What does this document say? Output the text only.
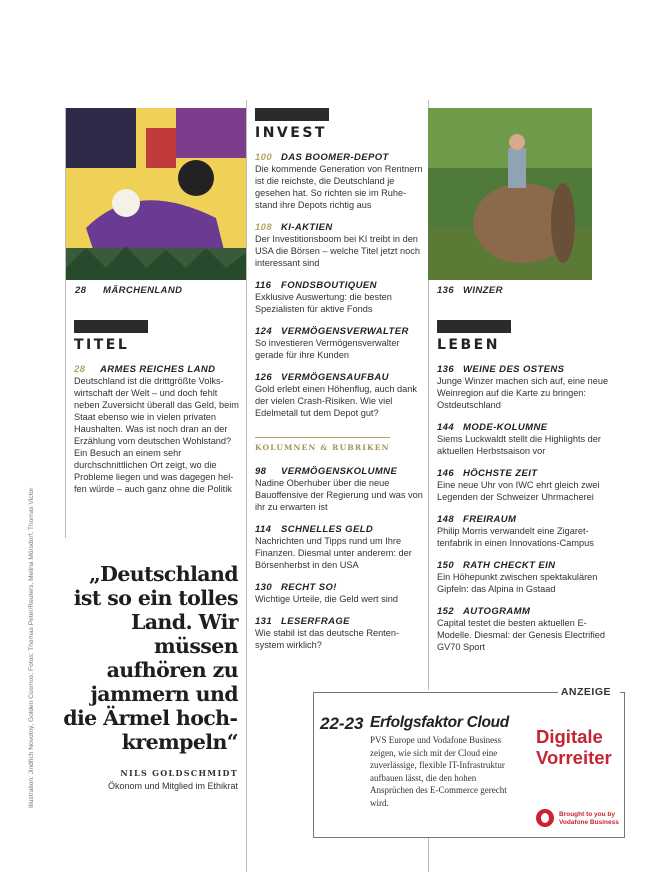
Illustration: Jindřich Novotný, Golden Cosmos; Fotos: Thomas Peter/Reuters, Melina Mörsdorf, Thomas Victor
28 MÄRCHENLAND	136 WINZER
TITEL
28 ARMES REICHES LAND
Deutschland ist die drittgrößte Volkswirtschaft der Welt – und doch fehlt neben Zuversicht überall das Geld, beim Staat ebenso wie in vielen privaten Haushalten. Was ist noch dran an der Erzählung vom deutschen Wohlstand? Ein Besuch an einem sehr durchschnittlichen Ort zeigt, wo die Probleme liegen und was dagegen helfen würde – auch ganz ohne die Politik
„Deutschland ist so ein tolles Land. Wir müssen aufhören zu jammern und die Ärmel hochkrempeln“
NILS GOLDSCHMIDT
Ökonom und Mitglied im Ethikrat
INVEST
100 DAS BOOMER-DEPOT
Die kommende Generation von Rentnern ist die reichste, die Deutschland je gesehen hat. So richten sie im Ruhestand ihre Depots richtig aus
108 KI-AKTIEN
Der Investitionsboom bei KI treibt in den USA die Börsen – welche Titel jetzt noch interessant sind
116 FONDSBOUTIQUEN
Exklusive Auswertung: die besten Spezialisten für aktive Fonds
124 VERMÖGENSVERWALTER
So investieren Vermögensverwalter gerade für ihre Kunden
126 VERMÖGENSAUFBAU
Gold erlebt einen Höhenflug, auch dank der vielen Crash-Risiken. Wie viel Edelmetall tut dem Depot gut?
KOLUMNEN & RUBRIKEN
98 VERMÖGENSKOLUMNE
Nadine Oberhuber über die neue Bauoffensive der Regierung und was von ihr zu erwarten ist
114 SCHNELLES GELD
Nachrichten und Tipps rund um Ihre Finanzen. Diesmal unter anderem: der Börsenherbst in den USA
130 RECHT SO!
Wichtige Urteile, die Geld wert sind
131 LESERFRAGE
Wie stabil ist das deutsche Rentensystem wirklich?
LEBEN
136 WEINE DES OSTENS
Junge Winzer machen sich auf, eine neue Weinregion auf die Karte zu bringen: Ostdeutschland
144 MODE-KOLUMNE
Siems Luckwaldt stellt die Highlights der aktuellen Herbstsaison vor
146 HÖCHSTE ZEIT
Eine neue Uhr von IWC ehrt gleich zwei Legenden der Schweizer Uhrmacherei
148 FREIRAUM
Philip Morris verwandelt eine Zigarettenfabrik in einen Innovations-Campus
150 RATH CHECKT EIN
Ein Höhepunkt zwischen spektakulären Gipfeln: das Alpina in Gstaad
152 AUTOGRAMM
Capital testet die besten aktuellen E-Modelle. Diesmal: der Genesis Electrified GV70 Sport
ANZEIGE
22-23 Erfolgsfaktor Cloud
PVS Europe und Vodafone Business zeigen, wie sich mit der Cloud eine zuverlässige, flexible IT-Infrastruktur aufbauen lässt, die den hohen Ansprüchen des E-Commerce gerecht wird.
Digitale
Vorreiter
Brought to you by
Vodafone Business
